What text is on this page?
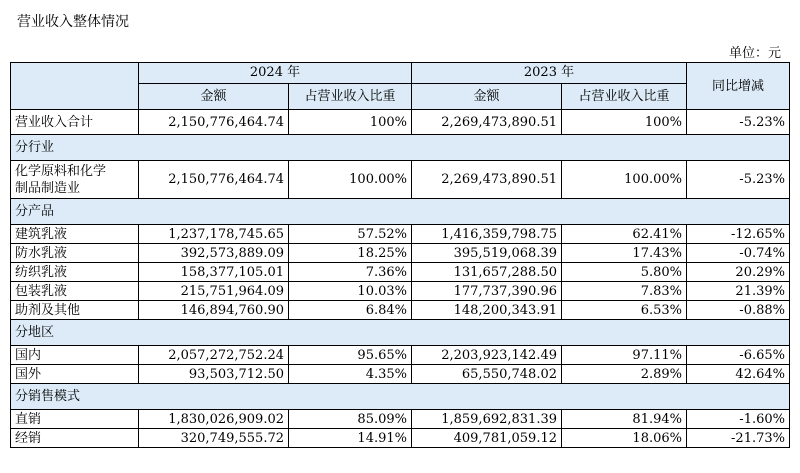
营业收入整体情况
单位：元
	2024 年		2023 年		同比增减
	金额	占营业收入比重	金额	占营业收入比重	
营业收入合计	2,150,776,464.74	100%	2,269,473,890.51	100%	-5.23%
分行业					

化学原料和化学
制品制造业	2,150,776,464.74	100.00%	2,269,473,890.51	100.00%	-5.23%
分产品					
建筑乳液	1,237,178,745.65	57.52%	1,416,359,798.75	62.41%	-12.65%
防水乳液	392,573,889.09	18.25%	395,519,068.39	17.43%	-0.74%
纺织乳液	158,377,105.01	7.36%	131,657,288.50	5.80%	20.29%
包装乳液	215,751,964.09	10.03%	177,737,390.96	7.83%	21.39%
助剂及其他	146,894,760.90	6.84%	148,200,343.91	6.53%	-0.88%
分地区					
国内	2,057,272,752.24	95.65%	2,203,923,142.49	97.11%	-6.65%
国外	93,503,712.50	4.35%	65,550,748.02	2.89%	42.64%
分销售模式					
直销	1,830,026,909.02	85.09%	1,859,692,831.39	81.94%	-1.60%
经销	320,749,555.72	14.91%	409,781,059.12	18.06%	-21.73%
